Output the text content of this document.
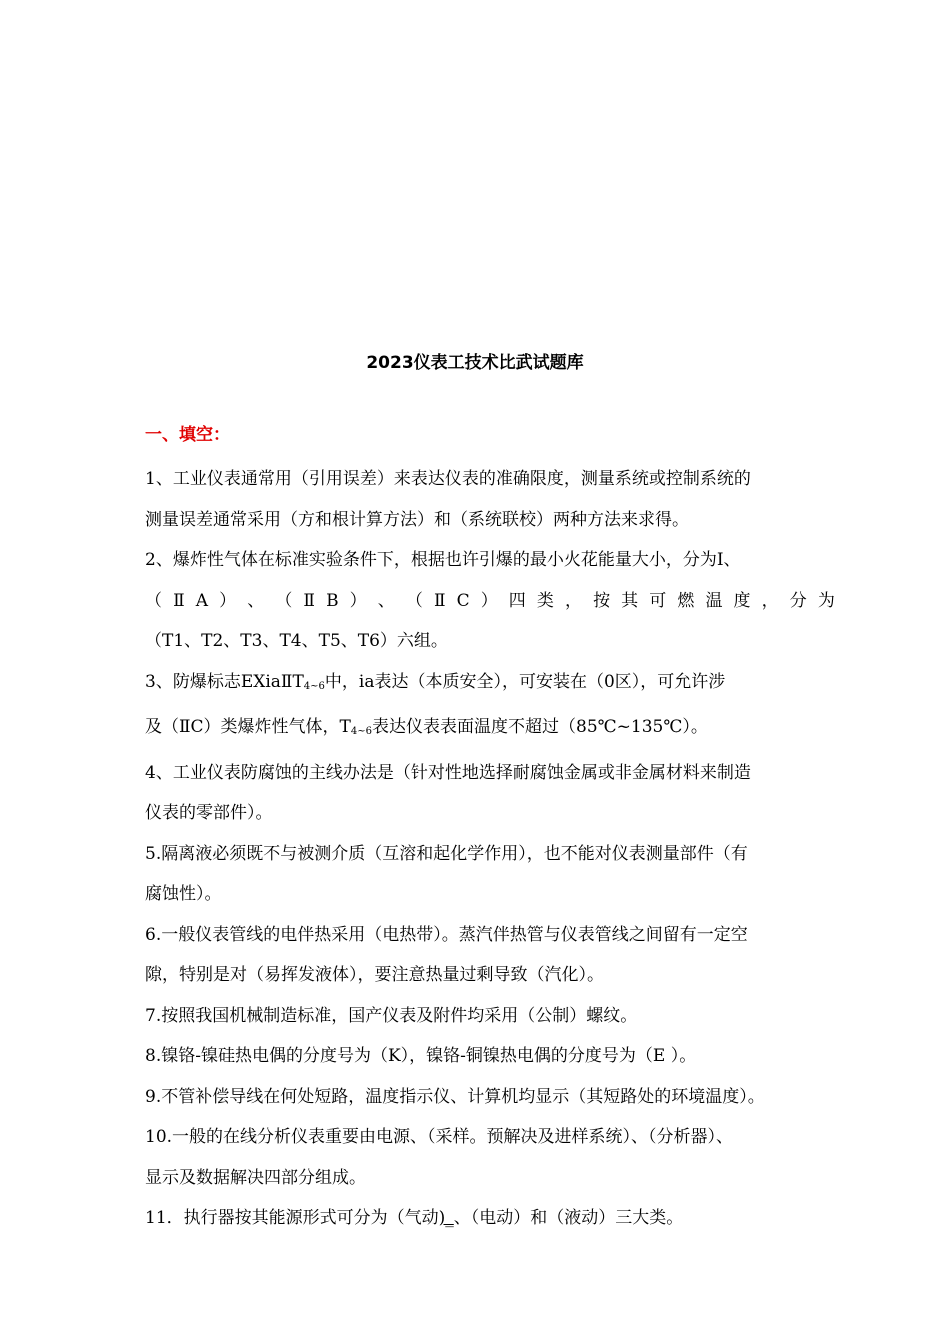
2023仪表工技术比武试题库
一、填空：

1、工业仪表通常用（引用误差）来表达仪表的准确限度，测量系统或控制系统的

测量误差通常采用（方和根计算方法）和（系统联校）两种方法来求得。

2、爆炸性气体在标准实验条件下，根据也许引爆的最小火花能量大小，分为Ⅰ、

（ Ⅱ A ） 、 （ Ⅱ B ） 、 （ Ⅱ C ） 四 类 ， 按 其 可 燃 温 度 ， 分 为

（T1、T2、T3、T4、T5、T6）六组。

3、防爆标志$EXiaⅡT_{4\sim 6}$中，ia表达（本质安全），可安装在（0区），可允许涉

及（ⅡC）类爆炸性气体，$T_{4\sim 6}$表达仪表表面温度不超过（85℃~135℃）。

4、工业仪表防腐蚀的主线办法是（针对性地选择耐腐蚀金属或非金属材料来制造

仪表的零部件）。

5.隔离液必须既不与被测介质（互溶和起化学作用），也不能对仪表测量部件（有

腐蚀性）。

6.一般仪表管线的电伴热采用（电热带）。蒸汽伴热管与仪表管线之间留有一定空

隙，特别是对（易挥发液体），要注意热量过剩导致（汽化）。

7.按照我国机械制造标准，国产仪表及附件均采用（公制）螺纹。

8.镍铬-镍硅热电偶的分度号为（K），镍铬-铜镍热电偶的分度号为（E ）。

9.不管补偿导线在何处短路，温度指示仪、计算机均显示（其短路处的环境温度）。

10.一般的在线分析仪表重要由电源、（采样。预解决及进样系统）、（分析器）、

显示及数据解决四部分组成。

11．执行器按其能源形式可分为（气动)_、（电动）和（液动）三大类。
